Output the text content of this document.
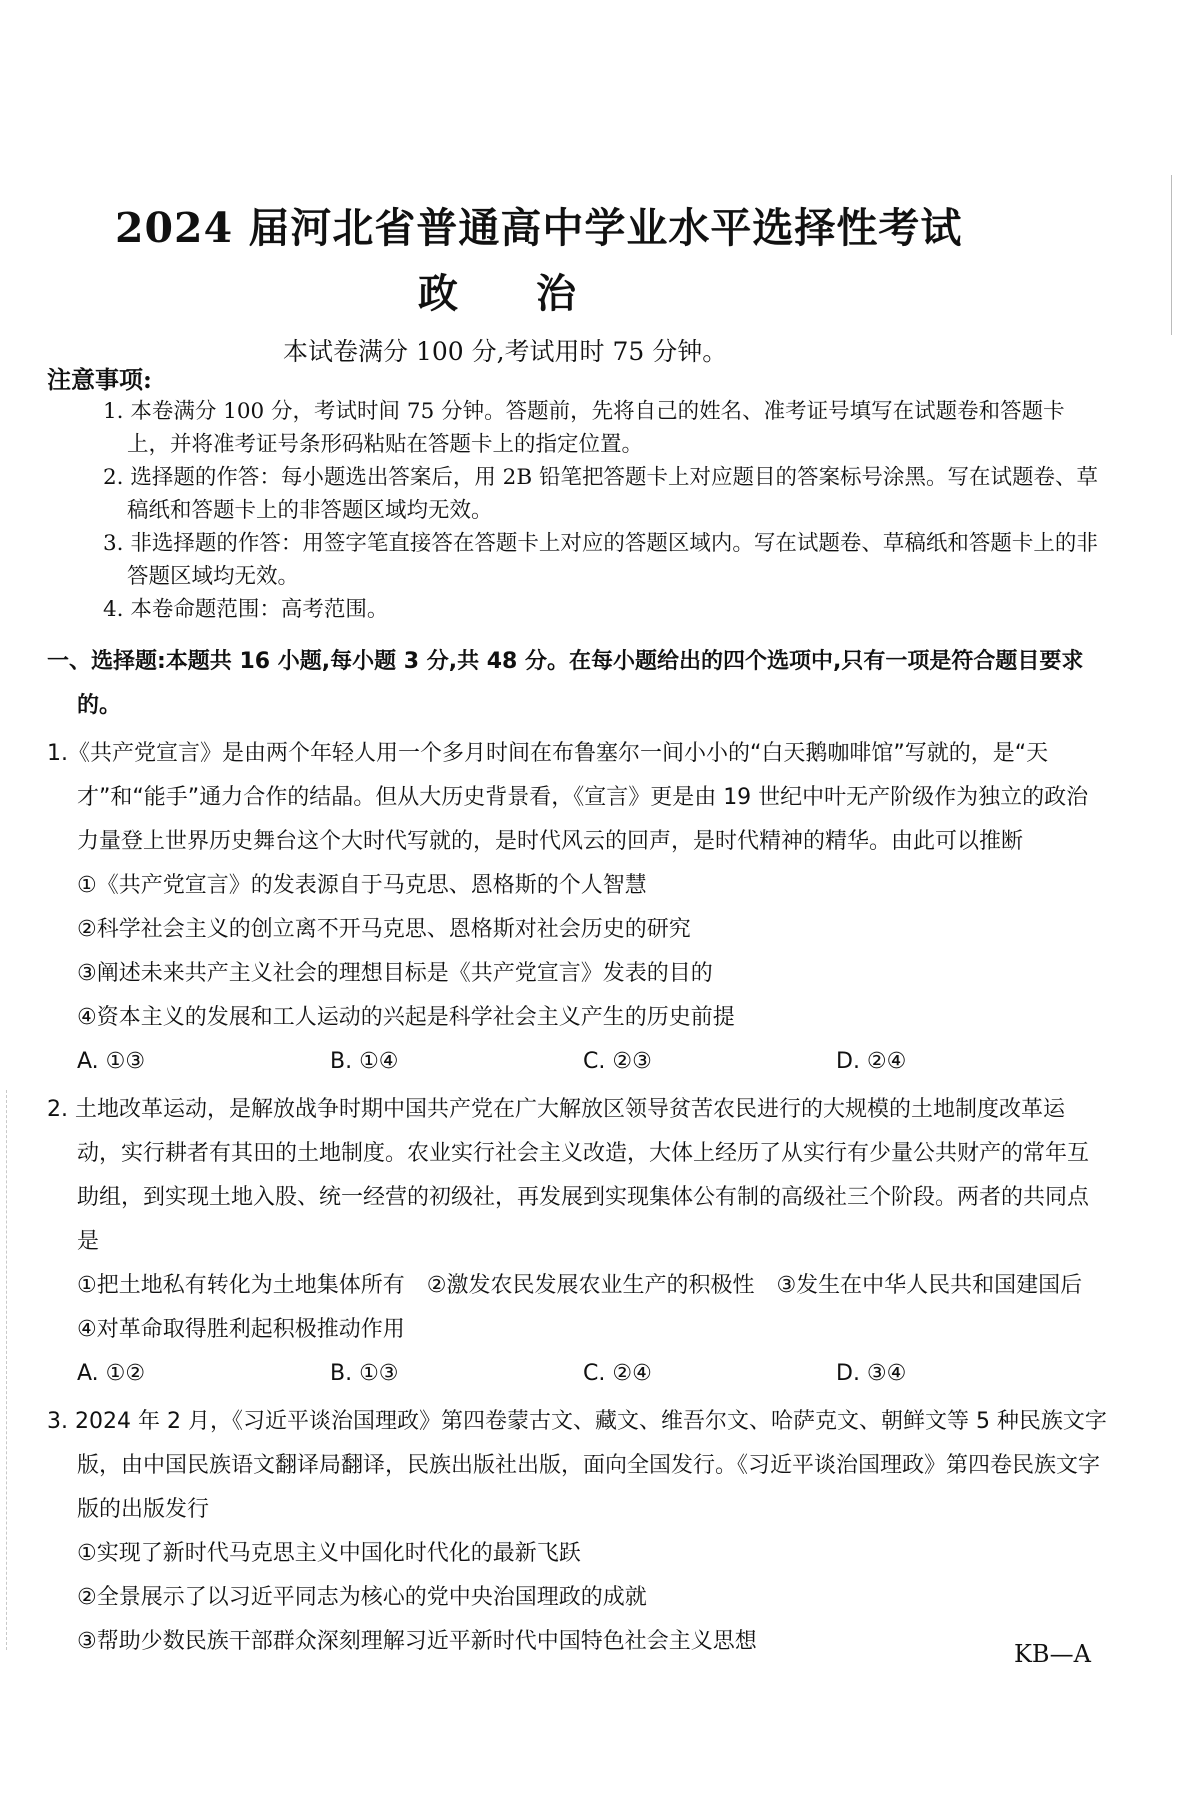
2024 届河北省普通高中学业水平选择性考试
政治
本试卷满分 100 分,考试用时 75 分钟。
注意事项:
1. 本卷满分 100 分，考试时间 75 分钟。答题前，先将自己的姓名、准考证号填写在试题卷和答题卡上，并将准考证号条形码粘贴在答题卡上的指定位置。
2. 选择题的作答：每小题选出答案后，用 2B 铅笔把答题卡上对应题目的答案标号涂黑。写在试题卷、草稿纸和答题卡上的非答题区域均无效。
3. 非选择题的作答：用签字笔直接答在答题卡上对应的答题区域内。写在试题卷、草稿纸和答题卡上的非答题区域均无效。
4. 本卷命题范围：高考范围。
一、选择题:本题共 16 小题,每小题 3 分,共 48 分。在每小题给出的四个选项中,只有一项是符合题目要求的。
1.《共产党宣言》是由两个年轻人用一个多月时间在布鲁塞尔一间小小的“白天鹅咖啡馆”写就的，是“天才”和“能手”通力合作的结晶。但从大历史背景看，《宣言》更是由 19 世纪中叶无产阶级作为独立的政治力量登上世界历史舞台这个大时代写就的，是时代风云的回声，是时代精神的精华。由此可以推断
①《共产党宣言》的发表源自于马克思、恩格斯的个人智慧
②科学社会主义的创立离不开马克思、恩格斯对社会历史的研究
③阐述未来共产主义社会的理想目标是《共产党宣言》发表的目的
④资本主义的发展和工人运动的兴起是科学社会主义产生的历史前提
A. ①③	B. ①④	C. ②③	D. ②④
2. 土地改革运动，是解放战争时期中国共产党在广大解放区领导贫苦农民进行的大规模的土地制度改革运动，实行耕者有其田的土地制度。农业实行社会主义改造，大体上经历了从实行有少量公共财产的常年互助组，到实现土地入股、统一经营的初级社，再发展到实现集体公有制的高级社三个阶段。两者的共同点是
①把土地私有转化为土地集体所有　②激发农民发展农业生产的积极性　③发生在中华人民共和国建国后　④对革命取得胜利起积极推动作用
A. ①②	B. ①③	C. ②④	D. ③④
3. 2024 年 2 月，《习近平谈治国理政》第四卷蒙古文、藏文、维吾尔文、哈萨克文、朝鲜文等 5 种民族文字版，由中国民族语文翻译局翻译，民族出版社出版，面向全国发行。《习近平谈治国理政》第四卷民族文字版的出版发行
①实现了新时代马克思主义中国化时代化的最新飞跃
②全景展示了以习近平同志为核心的党中央治国理政的成就
③帮助少数民族干部群众深刻理解习近平新时代中国特色社会主义思想	KB—A
